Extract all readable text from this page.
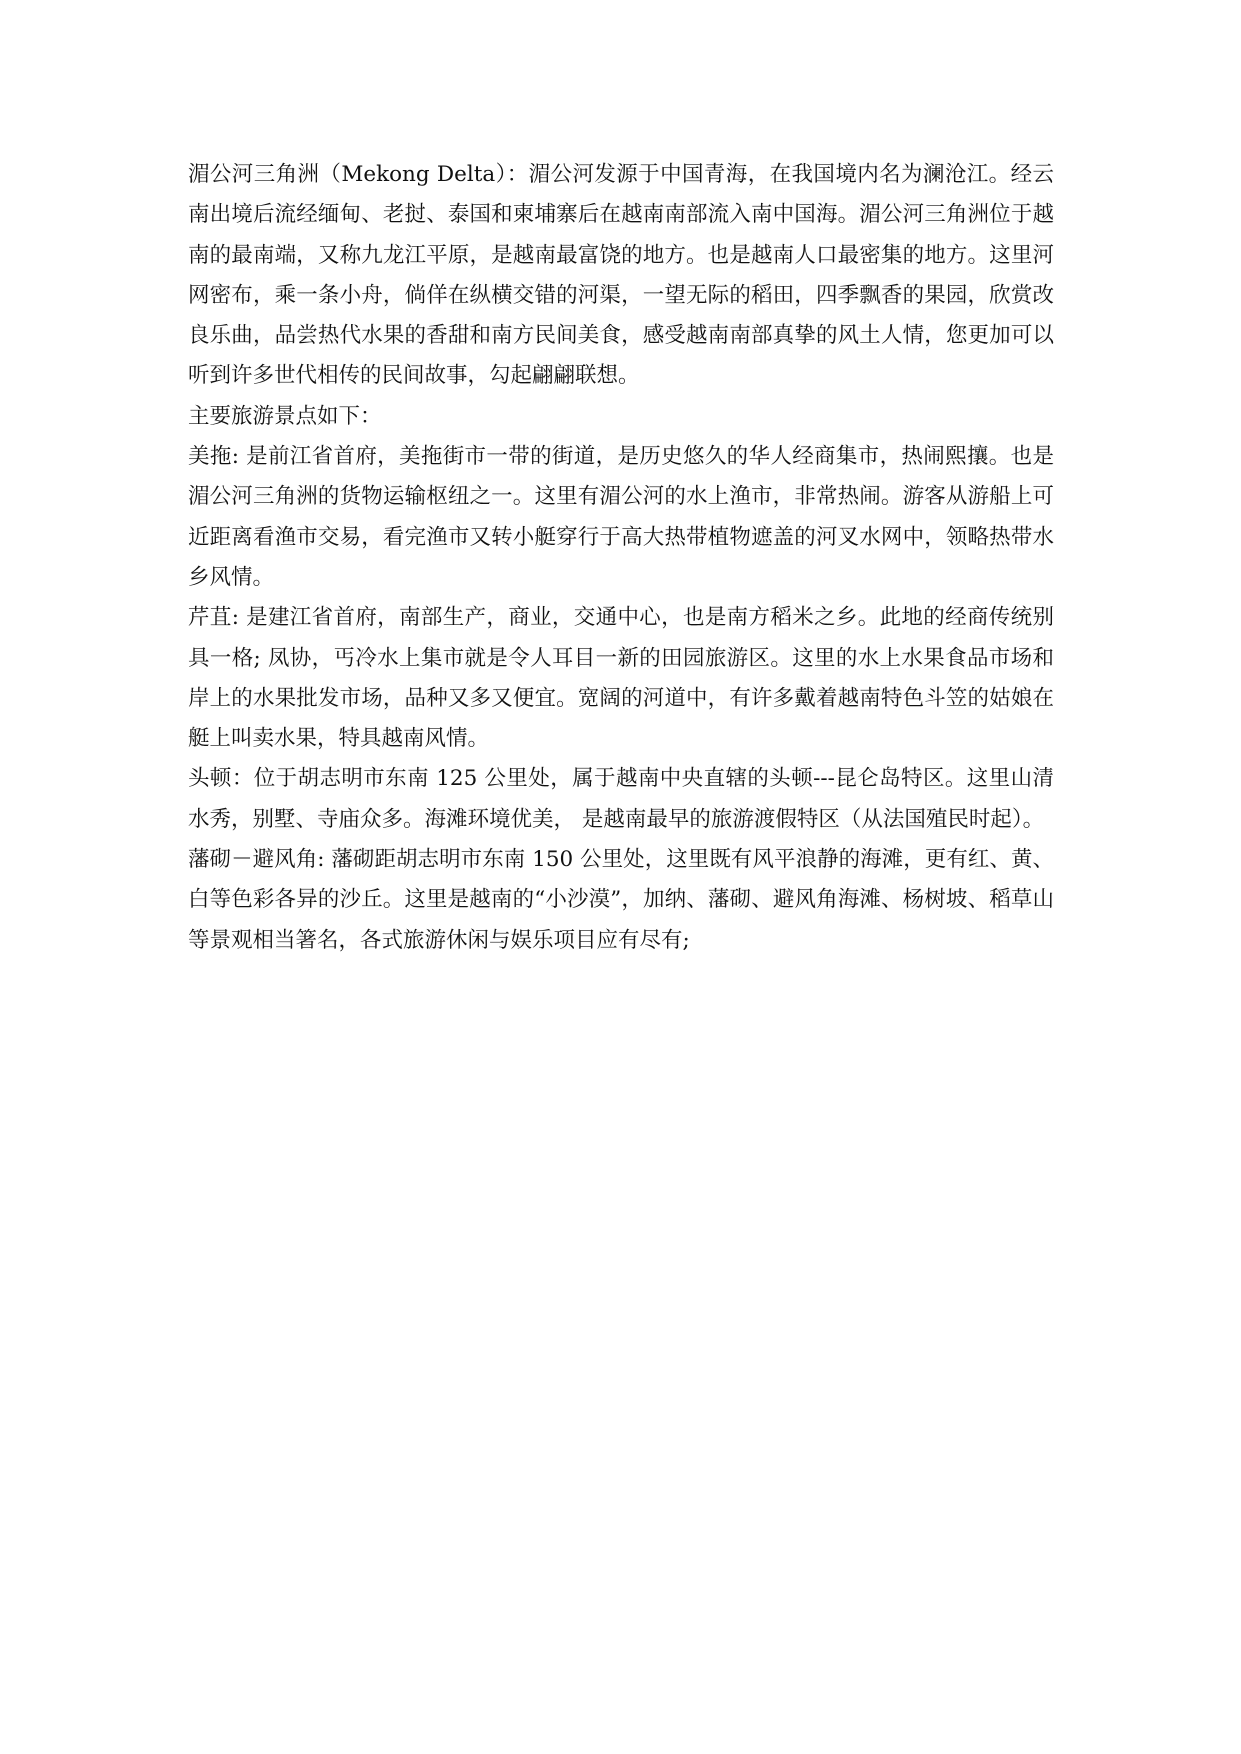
湄公河三角洲（Mekong Delta）：湄公河发源于中国青海，在我国境内名为澜沧江。经云南出境后流经缅甸、老挝、泰国和柬埔寨后在越南南部流入南中国海。湄公河三角洲位于越南的最南端，又称九龙江平原，是越南最富饶的地方。也是越南人口最密集的地方。这里河网密布，乘一条小舟，倘佯在纵横交错的河渠，一望无际的稻田，四季飘香的果园，欣赏改良乐曲，品尝热代水果的香甜和南方民间美食，感受越南南部真挚的风土人情，您更加可以听到许多世代相传的民间故事，勾起翩翩联想。

主要旅游景点如下：

美拖: 是前江省首府，美拖街市一带的街道，是历史悠久的华人经商集市，热闹熙攘。也是湄公河三角洲的货物运输枢纽之一。这里有湄公河的水上渔市，非常热闹。游客从游船上可近距离看渔市交易，看完渔市又转小艇穿行于高大热带植物遮盖的河叉水网中，领略热带水乡风情。

芹苴: 是建江省首府，南部生产，商业，交通中心，也是南方稻米之乡。此地的经商传统别具一格; 凤协，丐冷水上集市就是令人耳目一新的田园旅游区。这里的水上水果食品市场和岸上的水果批发市场，品种又多又便宜。宽阔的河道中，有许多戴着越南特色斗笠的姑娘在艇上叫卖水果，特具越南风情。

头顿：位于胡志明市东南 125 公里处，属于越南中央直辖的头顿---昆仑岛特区。这里山清水秀，别墅、寺庙众多。海滩环境优美， 是越南最早的旅游渡假特区（从法国殖民时起）。

藩砌－避风角: 藩砌距胡志明市东南 150 公里处，这里既有风平浪静的海滩，更有红、黄、白等色彩各异的沙丘。这里是越南的“小沙漠”，加纳、藩砌、避风角海滩、杨树坡、稻草山等景观相当箸名，各式旅游休闲与娱乐项目应有尽有;
